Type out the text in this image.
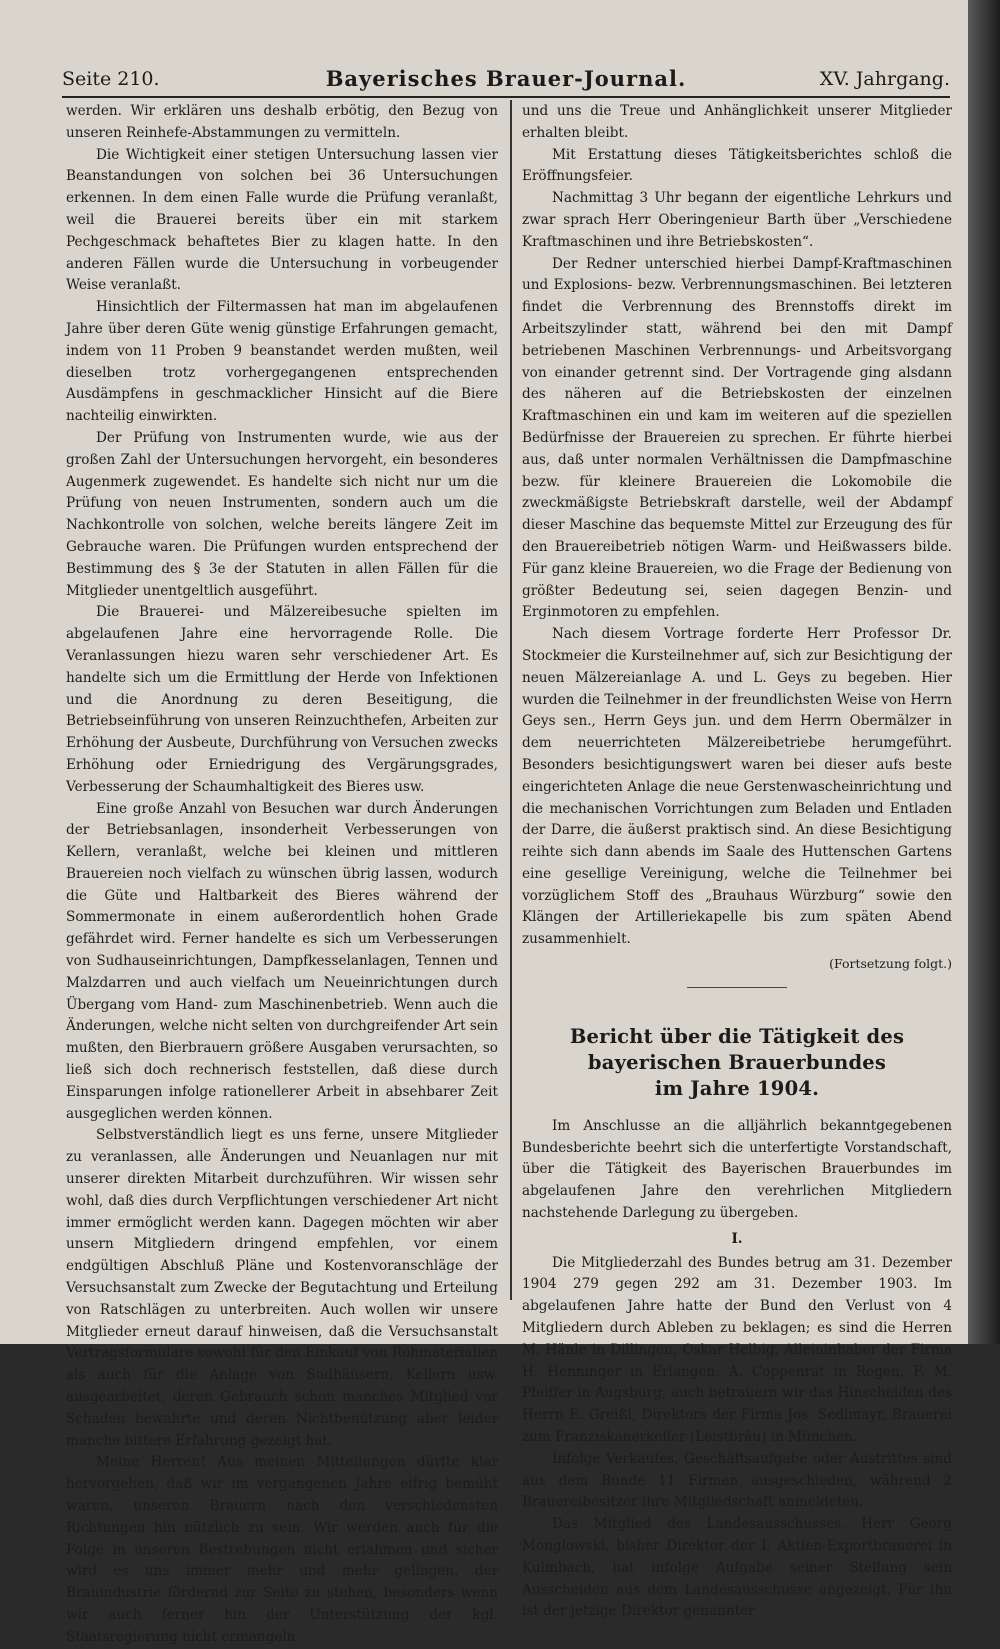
Seite 210.	Bayerisches Brauer-Journal.	XV. Jahrgang.

werden. Wir erklären uns deshalb erbötig, den Bezug von unseren Reinhefe-Abstammungen zu vermitteln.

Die Wichtigkeit einer stetigen Untersuchung lassen vier Beanstandungen von solchen bei 36 Untersuchungen erkennen. In dem einen Falle wurde die Prüfung veranlaßt, weil die Brauerei bereits über ein mit starkem Pechgeschmack behaftetes Bier zu klagen hatte. In den anderen Fällen wurde die Untersuchung in vorbeugender Weise veranlaßt.

Hinsichtlich der Filtermassen hat man im abgelaufenen Jahre über deren Güte wenig günstige Erfahrungen gemacht, indem von 11 Proben 9 beanstandet werden mußten, weil dieselben trotz vorhergegangenen entsprechenden Ausdämpfens in geschmacklicher Hinsicht auf die Biere nachteilig einwirkten.

Der Prüfung von Instrumenten wurde, wie aus der großen Zahl der Untersuchungen hervorgeht, ein besonderes Augenmerk zugewendet. Es handelte sich nicht nur um die Prüfung von neuen Instrumenten, sondern auch um die Nachkontrolle von solchen, welche bereits längere Zeit im Gebrauche waren. Die Prüfungen wurden entsprechend der Bestimmung des § 3e der Statuten in allen Fällen für die Mitglieder unentgeltlich ausgeführt.

Die Brauerei- und Mälzereibesuche spielten im abgelaufenen Jahre eine hervorragende Rolle. Die Veranlassungen hiezu waren sehr verschiedener Art. Es handelte sich um die Ermittlung der Herde von Infektionen und die Anordnung zu deren Beseitigung, die Betriebseinführung von unseren Reinzuchthefen, Arbeiten zur Erhöhung der Ausbeute, Durchführung von Versuchen zwecks Erhöhung oder Erniedrigung des Vergärungsgrades, Verbesserung der Schaumhaltigkeit des Bieres usw.

Eine große Anzahl von Besuchen war durch Änderungen der Betriebsanlagen, insonderheit Verbesserungen von Kellern, veranlaßt, welche bei kleinen und mittleren Brauereien noch vielfach zu wünschen übrig lassen, wodurch die Güte und Haltbarkeit des Bieres während der Sommermonate in einem außerordentlich hohen Grade gefährdet wird. Ferner handelte es sich um Verbesserungen von Sudhauseinrichtungen, Dampfkesselanlagen, Tennen und Malzdarren und auch vielfach um Neueinrichtungen durch Übergang vom Hand- zum Maschinenbetrieb. Wenn auch die Änderungen, welche nicht selten von durchgreifender Art sein mußten, den Bierbrauern größere Ausgaben verursachten, so ließ sich doch rechnerisch feststellen, daß diese durch Einsparungen infolge rationellerer Arbeit in absehbarer Zeit ausgeglichen werden können.

Selbstverständlich liegt es uns ferne, unsere Mitglieder zu veranlassen, alle Änderungen und Neuanlagen nur mit unserer direkten Mitarbeit durchzuführen. Wir wissen sehr wohl, daß dies durch Verpflichtungen verschiedener Art nicht immer ermöglicht werden kann. Dagegen möchten wir aber unsern Mitgliedern dringend empfehlen, vor einem endgültigen Abschluß Pläne und Kostenvoranschläge der Versuchsanstalt zum Zwecke der Begutachtung und Erteilung von Ratschlägen zu unterbreiten. Auch wollen wir unsere Mitglieder erneut darauf hinweisen, daß die Versuchsanstalt Vertragsformulare sowohl für den Einkauf von Rohmaterialien als auch für die Anlage von Sudhäusern, Kellern usw. ausgearbeitet, deren Gebrauch schon manches Mitglied vor Schaden bewahrte und deren Nichtbenützung aber leider manche bittere Erfahrung gezeigt hat.

Meine Herren! Aus meinen Mitteilungen dürfte klar hervorgehen, daß wir im vergangenen Jahre eifrig bemüht waren, unseren Brauern nach den verschiedensten Richtungen hin nützlich zu sein. Wir werden auch für die Folge in unseren Bestrebungen nicht erlahmen und sicher wird es uns immer mehr und mehr gelingen, der Brauindustrie fördernd zur Seite zu stehen, besonders wenn wir auch ferner hin der Unterstützung der kgl. Staatsregierung nicht ermangeln

und uns die Treue und Anhänglichkeit unserer Mitglieder erhalten bleibt.

Mit Erstattung dieses Tätigkeitsberichtes schloß die Eröffnungsfeier.

Nachmittag 3 Uhr begann der eigentliche Lehrkurs und zwar sprach Herr Oberingenieur Barth über „Verschiedene Kraftmaschinen und ihre Betriebskosten“.

Der Redner unterschied hierbei Dampf-Kraftmaschinen und Explosions- bezw. Verbrennungsmaschinen. Bei letzteren findet die Verbrennung des Brennstoffs direkt im Arbeitszylinder statt, während bei den mit Dampf betriebenen Maschinen Verbrennungs- und Arbeitsvorgang von einander getrennt sind. Der Vortragende ging alsdann des näheren auf die Betriebskosten der einzelnen Kraftmaschinen ein und kam im weiteren auf die speziellen Bedürfnisse der Brauereien zu sprechen. Er führte hierbei aus, daß unter normalen Verhältnissen die Dampfmaschine bezw. für kleinere Brauereien die Lokomobile die zweckmäßigste Betriebskraft darstelle, weil der Abdampf dieser Maschine das bequemste Mittel zur Erzeugung des für den Brauereibetrieb nötigen Warm- und Heißwassers bilde. Für ganz kleine Brauereien, wo die Frage der Bedienung von größter Bedeutung sei, seien dagegen Benzin- und Erginmotoren zu empfehlen.

Nach diesem Vortrage forderte Herr Professor Dr. Stockmeier die Kursteilnehmer auf, sich zur Besichtigung der neuen Mälzereianlage A. und L. Geys zu begeben. Hier wurden die Teilnehmer in der freundlichsten Weise von Herrn Geys sen., Herrn Geys jun. und dem Herrn Obermälzer in dem neuerrichteten Mälzereibetriebe herumgeführt. Besonders besichtigungswert waren bei dieser aufs beste eingerichteten Anlage die neue Gerstenwascheinrichtung und die mechanischen Vorrichtungen zum Beladen und Entladen der Darre, die äußerst praktisch sind. An diese Besichtigung reihte sich dann abends im Saale des Huttenschen Gartens eine gesellige Vereinigung, welche die Teilnehmer bei vorzüglichem Stoff des „Brauhaus Würzburg“ sowie den Klängen der Artilleriekapelle bis zum späten Abend zusammenhielt.

(Fortsetzung folgt.)
Bericht über die Tätigkeit des bayerischen Brauerbundes
im Jahre 1904.

Im Anschlusse an die alljährlich bekanntgegebenen Bundesberichte beehrt sich die unterfertigte Vorstandschaft, über die Tätigkeit des Bayerischen Brauerbundes im abgelaufenen Jahre den verehrlichen Mitgliedern nachstehende Darlegung zu übergeben.

I.

Die Mitgliederzahl des Bundes betrug am 31. Dezember 1904 279 gegen 292 am 31. Dezember 1903. Im abgelaufenen Jahre hatte der Bund den Verlust von 4 Mitgliedern durch Ableben zu beklagen; es sind die Herren M. Hänle in Dillingen, Oskar Helbig, Alleininhaber der Firma H. Henninger in Erlangen, A. Coppenrat in Regen, F. M. Pfeiffer in Augsburg; auch betrauern wir das Hinscheiden des Herrn E. Greißl, Direktors der Firma Jos. Sedlmayr, Brauerei zum Franziskanerkeller (Leistbräu) in München.

Infolge Verkaufes, Geschäftsaufgabe oder Austrittes sind aus dem Bunde 11 Firmen ausgeschieden, während 2 Brauereibesitzer ihre Mitgliedschaft anmeldeten.

Das Mitglied des Landesausschusses, Herr Georg Monglowski, bisher Direktor der I. Aktien-Exportbrauerei in Kulmbach, hat infolge Aufgabe seiner Stellung sein Ausscheiden aus dem Landesausschusse angezeigt. Für ihn ist der jetzige Direktor genannter
